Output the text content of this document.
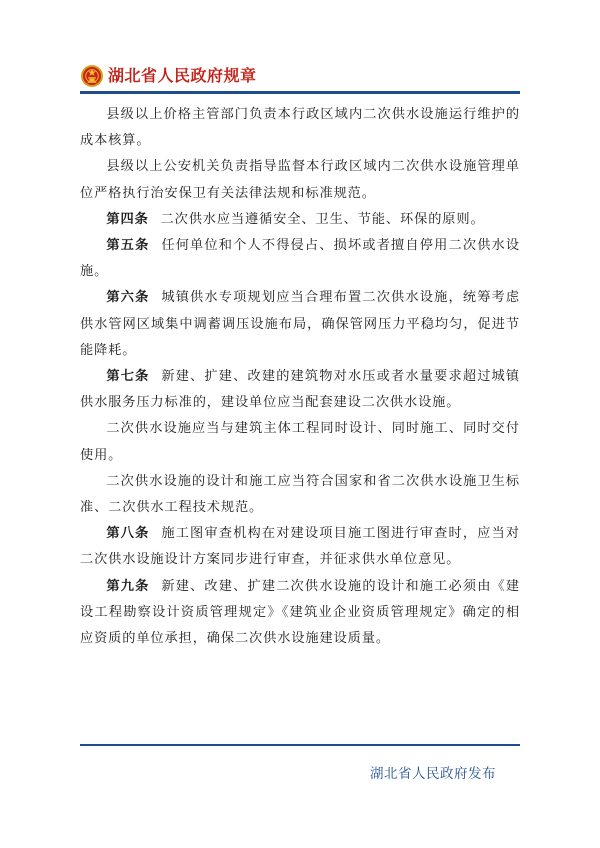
湖北省人民政府规章

县级以上价格主管部门负责本行政区域内二次供水设施运行维护的成本核算。

县级以上公安机关负责指导监督本行政区域内二次供水设施管理单位严格执行治安保卫有关法律法规和标准规范。

第四条 二次供水应当遵循安全、卫生、节能、环保的原则。

第五条 任何单位和个人不得侵占、损坏或者擅自停用二次供水设施。

第六条 城镇供水专项规划应当合理布置二次供水设施，统筹考虑供水管网区域集中调蓄调压设施布局，确保管网压力平稳均匀，促进节能降耗。

第七条 新建、扩建、改建的建筑物对水压或者水量要求超过城镇供水服务压力标准的，建设单位应当配套建设二次供水设施。

二次供水设施应当与建筑主体工程同时设计、同时施工、同时交付使用。

二次供水设施的设计和施工应当符合国家和省二次供水设施卫生标准、二次供水工程技术规范。

第八条 施工图审查机构在对建设项目施工图进行审查时，应当对二次供水设施设计方案同步进行审查，并征求供水单位意见。

第九条 新建、改建、扩建二次供水设施的设计和施工必须由《建设工程勘察设计资质管理规定》《建筑业企业资质管理规定》确定的相应资质的单位承担，确保二次供水设施建设质量。

湖北省人民政府发布
